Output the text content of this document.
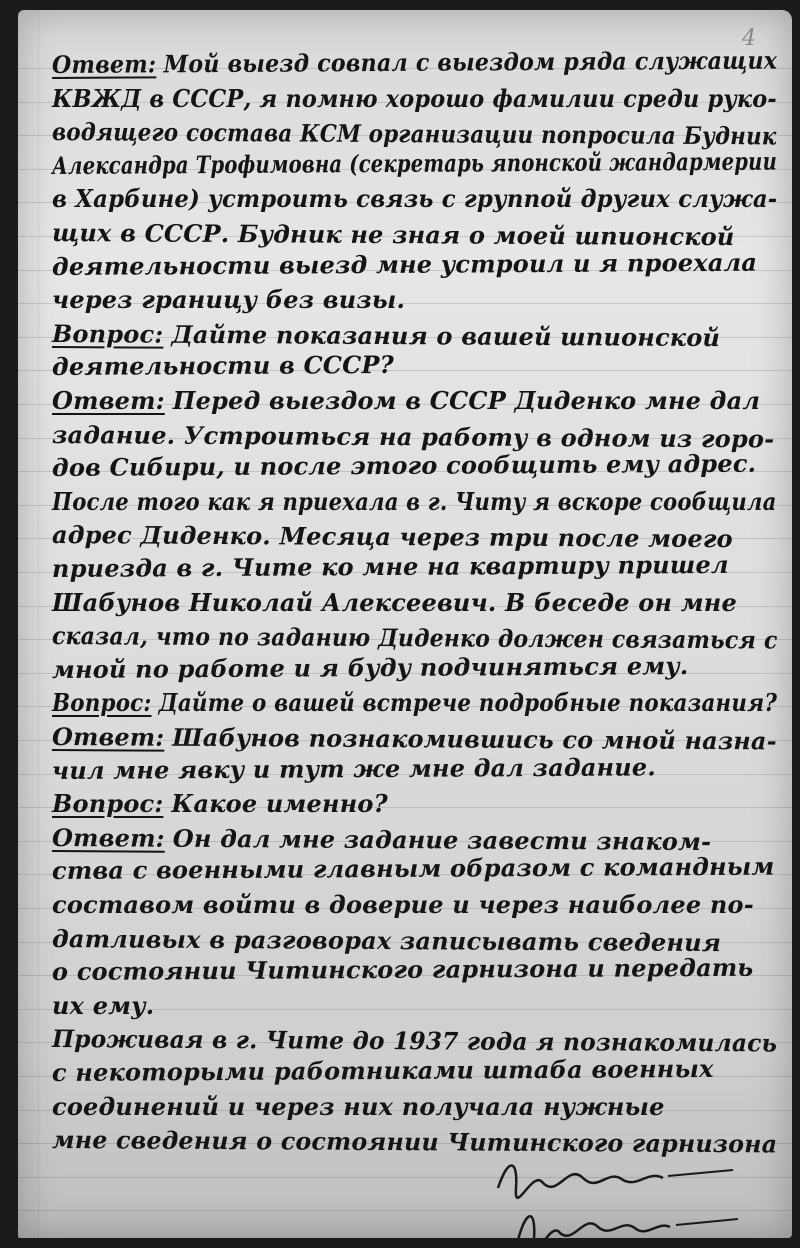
4
Ответ: Мой выезд совпал с выездом ряда служащих
КВЖД в СССР, я помню хорошо фамилии среди руко-
водящего состава КСМ организации попросила Будник
Александра Трофимовна (секретарь японской жандармерии
в Харбине) устроить связь с группой других служа-
щих в СССР. Будник не зная о моей шпионской
деятельности выезд мне устроил и я проехала
через границу без визы.
Вопрос: Дайте показания о вашей шпионской
деятельности в СССР?
Ответ: Перед выездом в СССР Диденко мне дал
задание. Устроиться на работу в одном из горо-
дов Сибири, и после этого сообщить ему адрес.
После того как я приехала в г. Читу я вскоре сообщила
адрес Диденко. Месяца через три после моего
приезда в г. Чите ко мне на квартиру пришел
Шабунов Николай Алексеевич. В беседе он мне
сказал, что по заданию Диденко должен связаться с
мной по работе и я буду подчиняться ему.
Вопрос: Дайте о вашей встрече подробные показания?
Ответ: Шабунов познакомившись со мной назна-
чил мне явку и тут же мне дал задание.
Вопрос: Какое именно?
Ответ: Он дал мне задание завести знаком-
ства с военными главным образом с командным
составом войти в доверие и через наиболее по-
датливых в разговорах записывать сведения
о состоянии Читинского гарнизона и передать
их ему.
Проживая в г. Чите до 1937 года я познакомилась
с некоторыми работниками штаба военных
соединений и через них получала нужные
мне сведения о состоянии Читинского гарнизона
